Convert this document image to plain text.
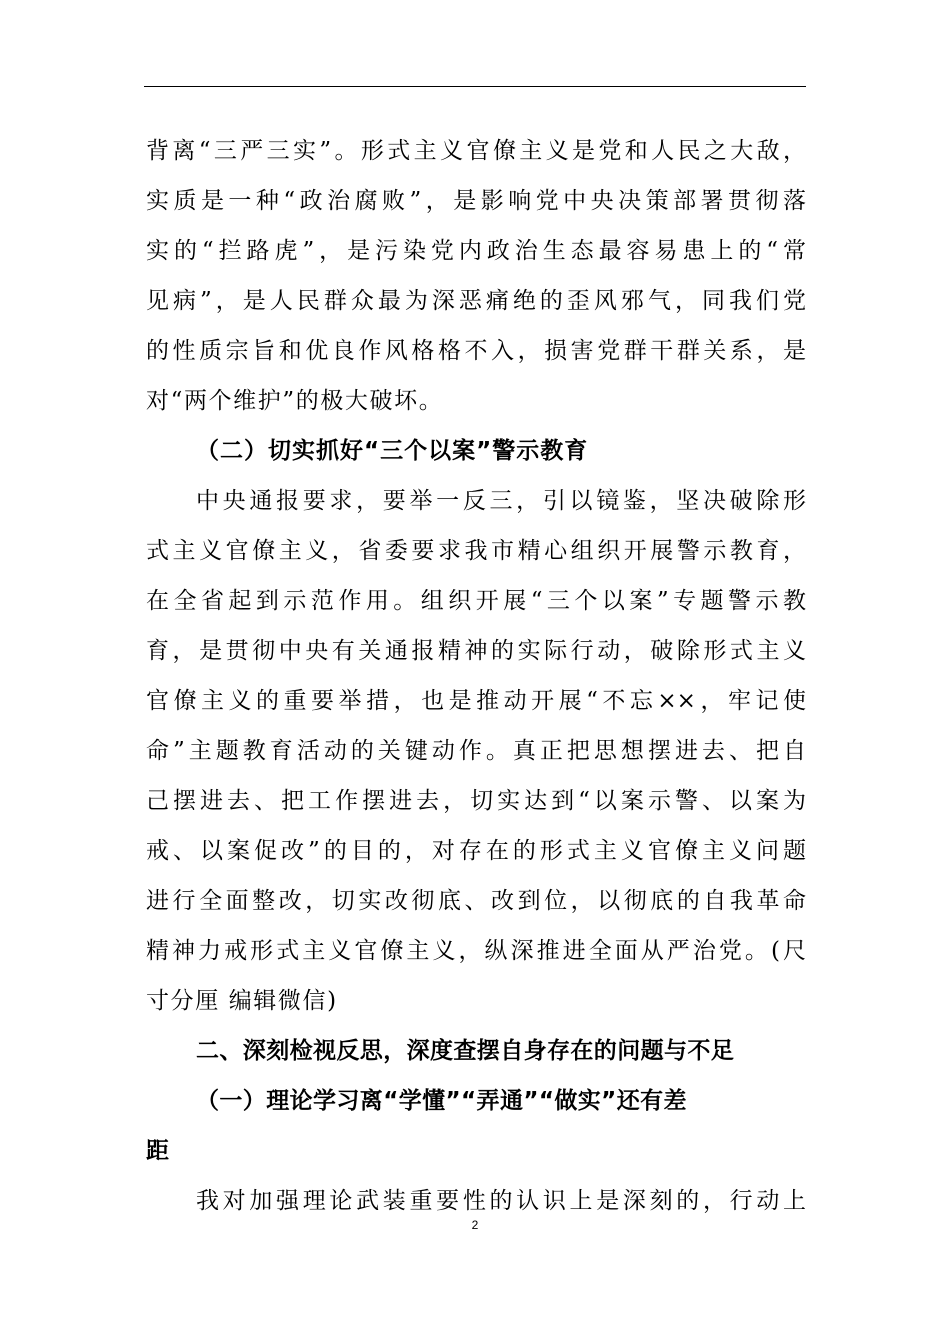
背离“三严三实”。形式主义官僚主义是党和人民之大敌，
实质是一种“政治腐败”，是影响党中央决策部署贯彻落
实的“拦路虎”，是污染党内政治生态最容易患上的“常
见病”，是人民群众最为深恶痛绝的歪风邪气，同我们党
的性质宗旨和优良作风格格不入，损害党群干群关系，是
对“两个维护”的极大破坏。
（二）切实抓好“三个以案”警示教育
中央通报要求，要举一反三，引以镜鉴，坚决破除形
式主义官僚主义，省委要求我市精心组织开展警示教育，
在全省起到示范作用。组织开展“三个以案”专题警示教
育，是贯彻中央有关通报精神的实际行动，破除形式主义
官僚主义的重要举措，也是推动开展“不忘××，牢记使
命”主题教育活动的关键动作。真正把思想摆进去、把自
己摆进去、把工作摆进去，切实达到“以案示警、以案为
戒、以案促改”的目的，对存在的形式主义官僚主义问题
进行全面整改，切实改彻底、改到位，以彻底的自我革命
精神力戒形式主义官僚主义，纵深推进全面从严治党。(尺
寸分厘 编辑微信)
二、深刻检视反思，深度查摆自身存在的问题与不足
（一）理论学习离“学懂”“弄通”“做实”还有差
距
我对加强理论武装重要性的认识上是深刻的，行动上
2
